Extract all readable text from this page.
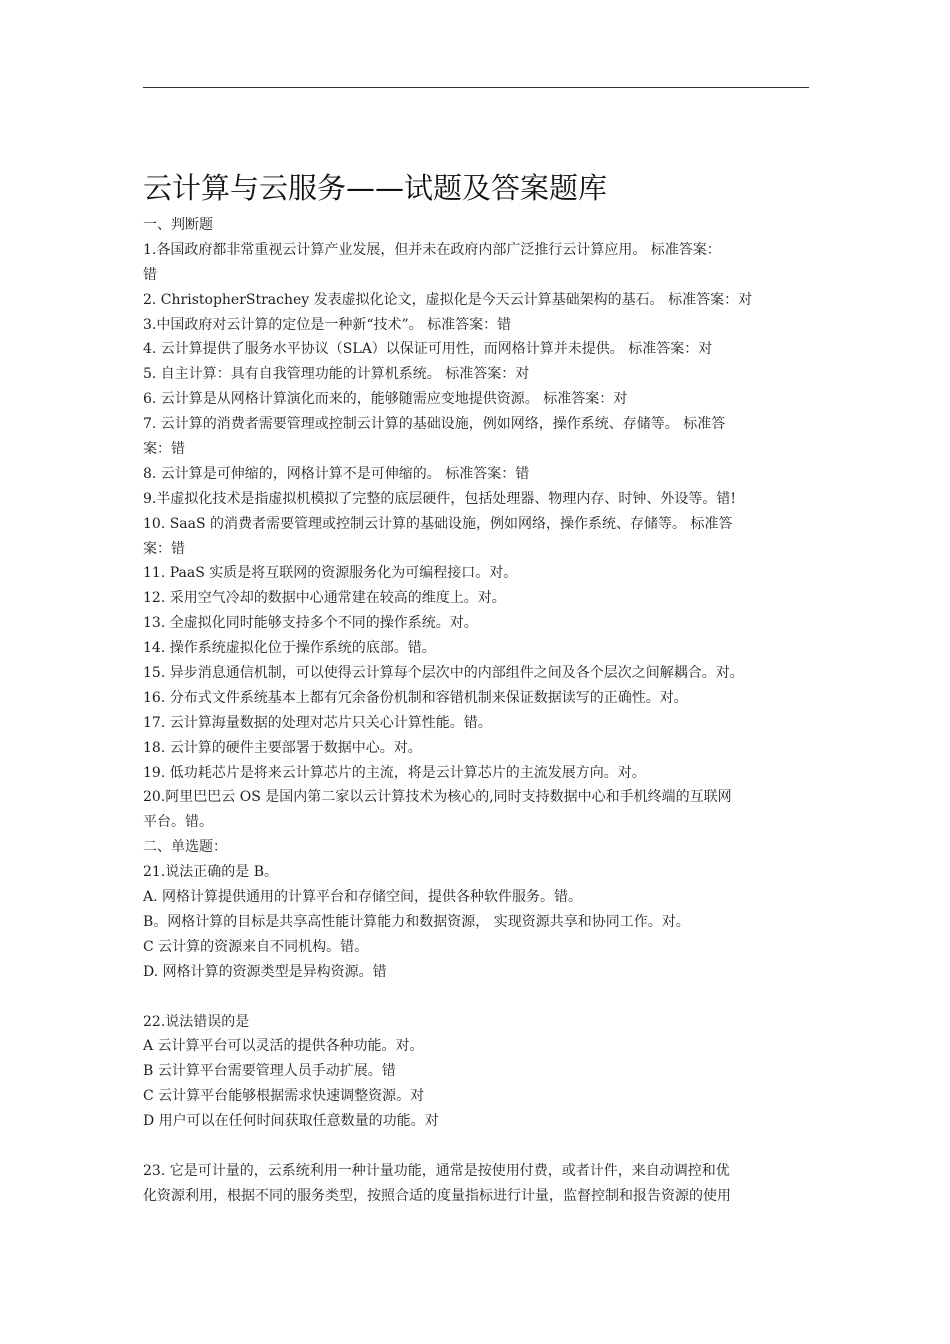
云计算与云服务——试题及答案题库

一、判断题

1.各国政府都非常重视云计算产业发展，但并未在政府内部广泛推行云计算应用。 标准答案：

错

2. ChristopherStrachey 发表虚拟化论文，虚拟化是今天云计算基础架构的基石。 标准答案：对

3.中国政府对云计算的定位是一种新“技术”。 标准答案：错

4. 云计算提供了服务水平协议（SLA）以保证可用性，而网格计算并未提供。 标准答案：对

5. 自主计算：具有自我管理功能的计算机系统。 标准答案：对

6. 云计算是从网格计算演化而来的，能够随需应变地提供资源。 标准答案：对

7. 云计算的消费者需要管理或控制云计算的基础设施，例如网络，操作系统、存储等。 标准答

案：错

8. 云计算是可伸缩的，网格计算不是可伸缩的。 标准答案：错

9.半虚拟化技术是指虚拟机模拟了完整的底层硬件，包括处理器、物理内存、时钟、外设等。错!

10. SaaS 的消费者需要管理或控制云计算的基础设施，例如网络，操作系统、存储等。 标准答

案：错

11. PaaS 实质是将互联网的资源服务化为可编程接口。对。

12. 采用空气冷却的数据中心通常建在较高的维度上。对。

13. 全虚拟化同时能够支持多个不同的操作系统。对。

14. 操作系统虚拟化位于操作系统的底部。错。

15. 异步消息通信机制，可以使得云计算每个层次中的内部组件之间及各个层次之间解耦合。对。

16. 分布式文件系统基本上都有冗余备份机制和容错机制来保证数据读写的正确性。对。

17. 云计算海量数据的处理对芯片只关心计算性能。错。

18. 云计算的硬件主要部署于数据中心。对。

19. 低功耗芯片是将来云计算芯片的主流，将是云计算芯片的主流发展方向。对。

20.阿里巴巴云 OS 是国内第二家以云计算技术为核心的,同时支持数据中心和手机终端的互联网

平台。错。

二、单选题：

21.说法正确的是 B。

A. 网格计算提供通用的计算平台和存储空间，提供各种软件服务。错。

B。网格计算的目标是共享高性能计算能力和数据资源， 实现资源共享和协同工作。对。

C 云计算的资源来自不同机构。错。

D. 网格计算的资源类型是异构资源。错

22.说法错误的是

A 云计算平台可以灵活的提供各种功能。对。

B 云计算平台需要管理人员手动扩展。错

C 云计算平台能够根据需求快速调整资源。对

D 用户可以在任何时间获取任意数量的功能。对

23. 它是可计量的，云系统利用一种计量功能，通常是按使用付费，或者计件，来自动调控和优

化资源利用，根据不同的服务类型，按照合适的度量指标进行计量，监督控制和报告资源的使用
